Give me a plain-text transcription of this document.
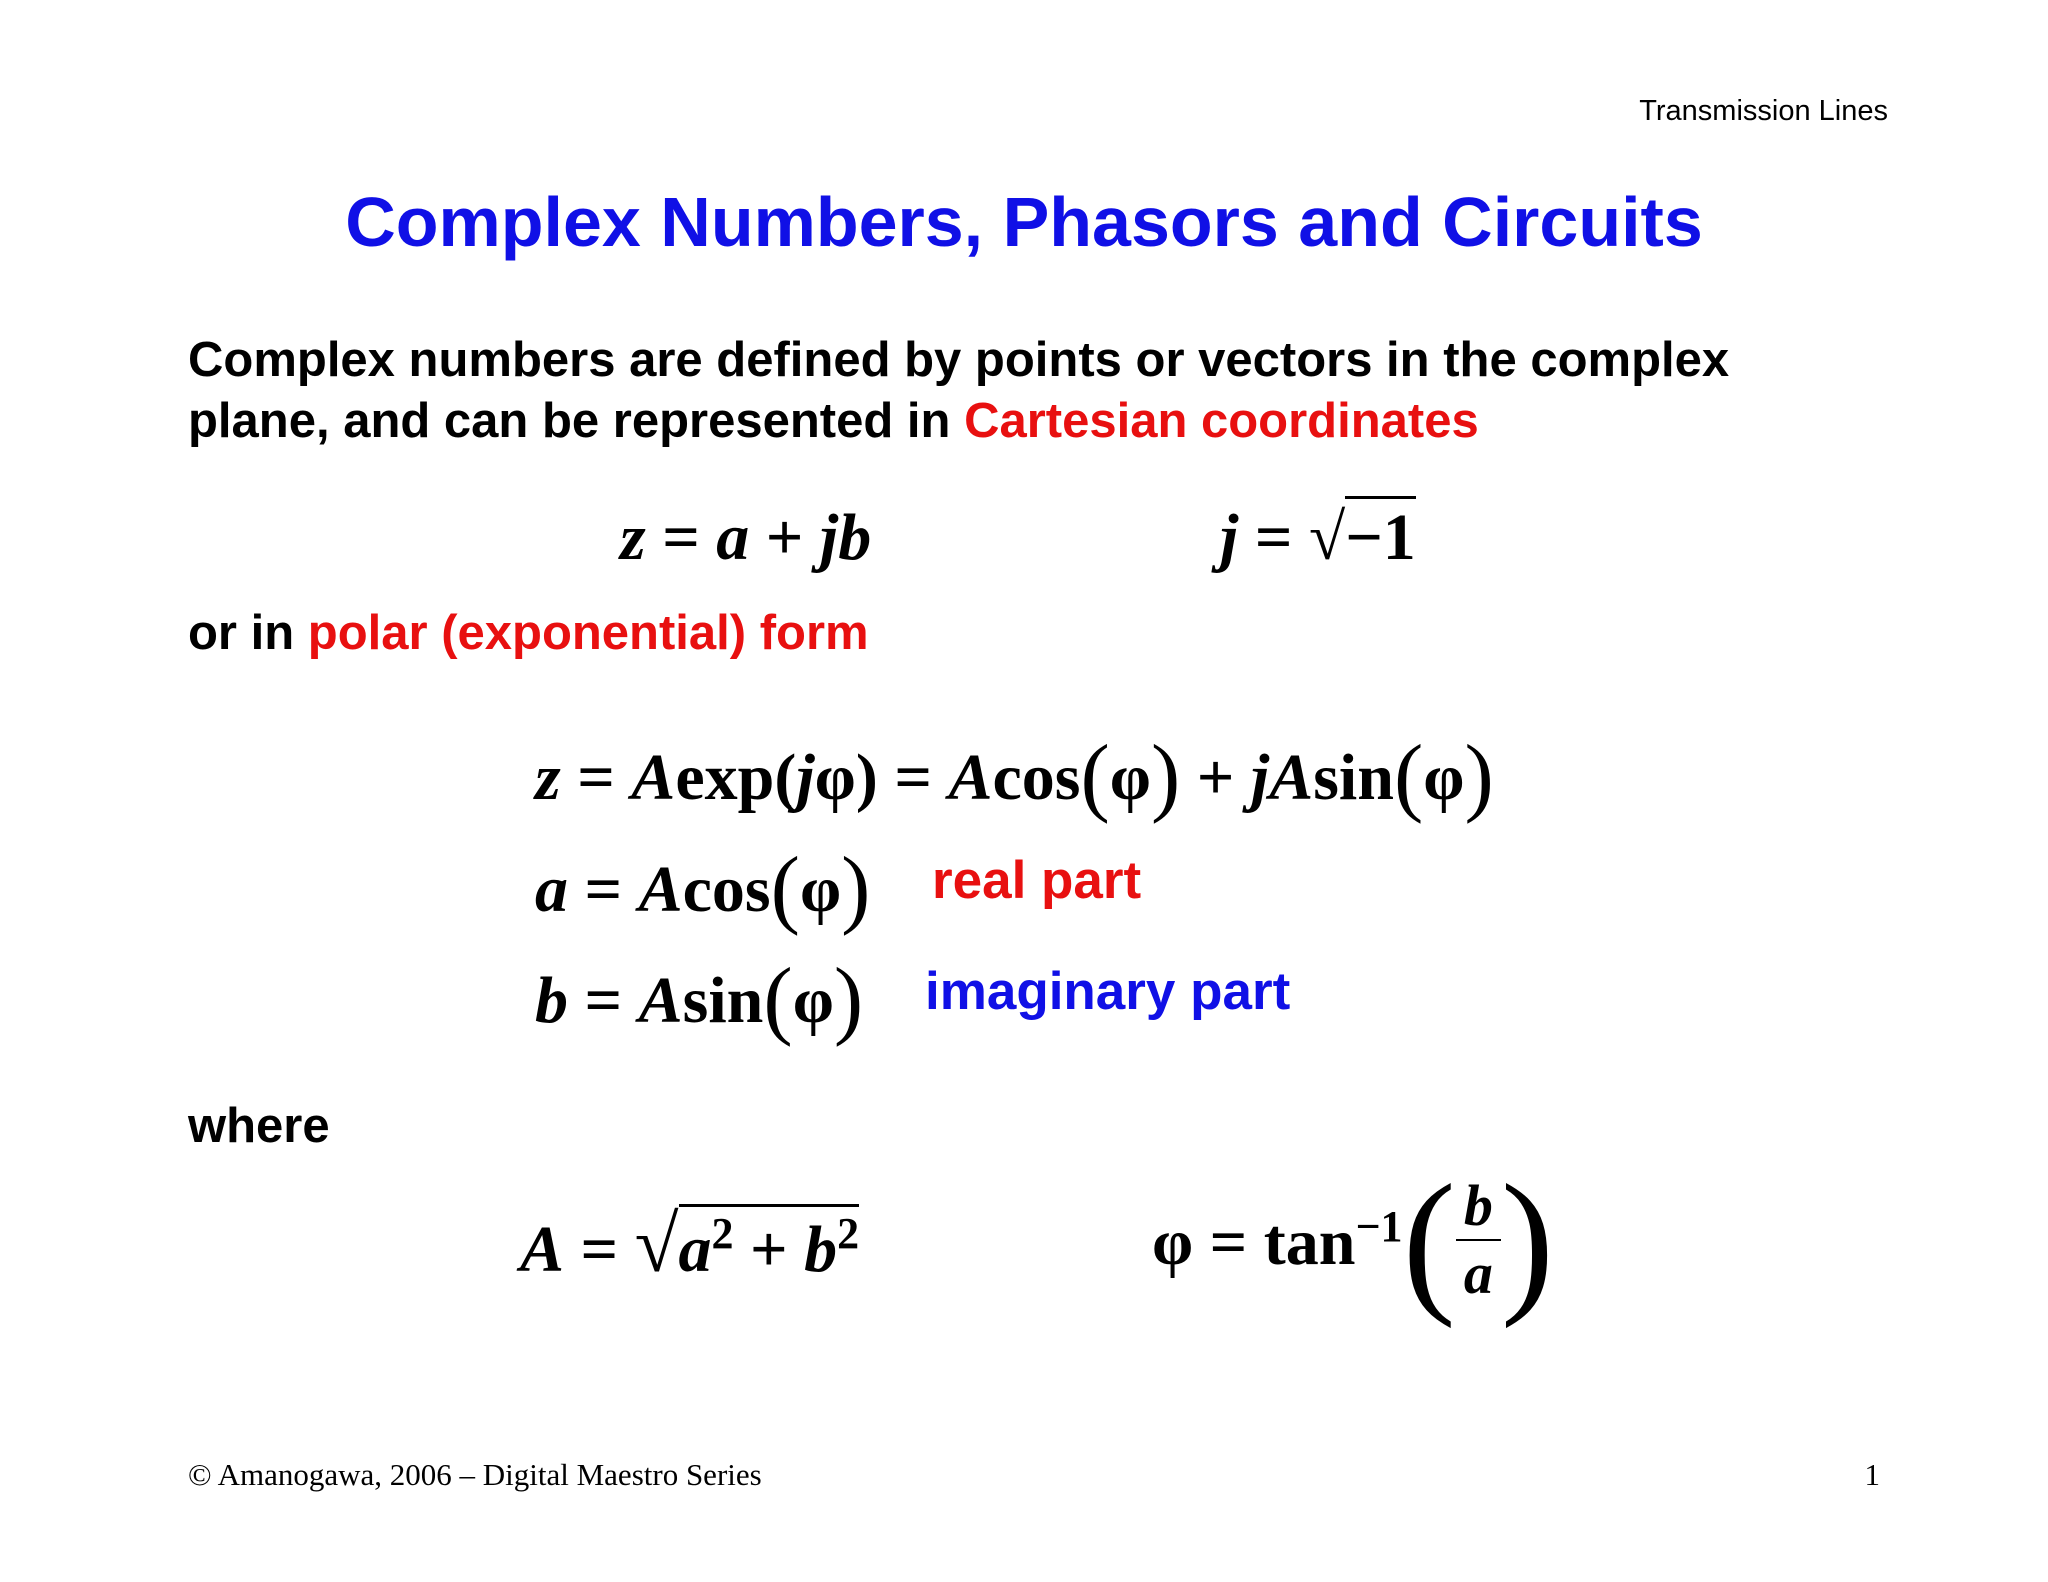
Transmission Lines
Complex Numbers, Phasors and Circuits
Complex numbers are defined by points or vectors in the complex
plane, and can be represented in Cartesian coordinates
z = a + jb	j = √−1
or in polar (exponential) form
z = Aexp(jφ) = Acos(φ) + jAsin(φ)
a = Acos(φ) real part
b = Asin(φ) imaginary part
where
$A = √a^2 + b^2$	$\varphi = \tan^{-1}( \frac{b}{a}$ )
© Amanogawa, 2006 – Digital Maestro Series	1
